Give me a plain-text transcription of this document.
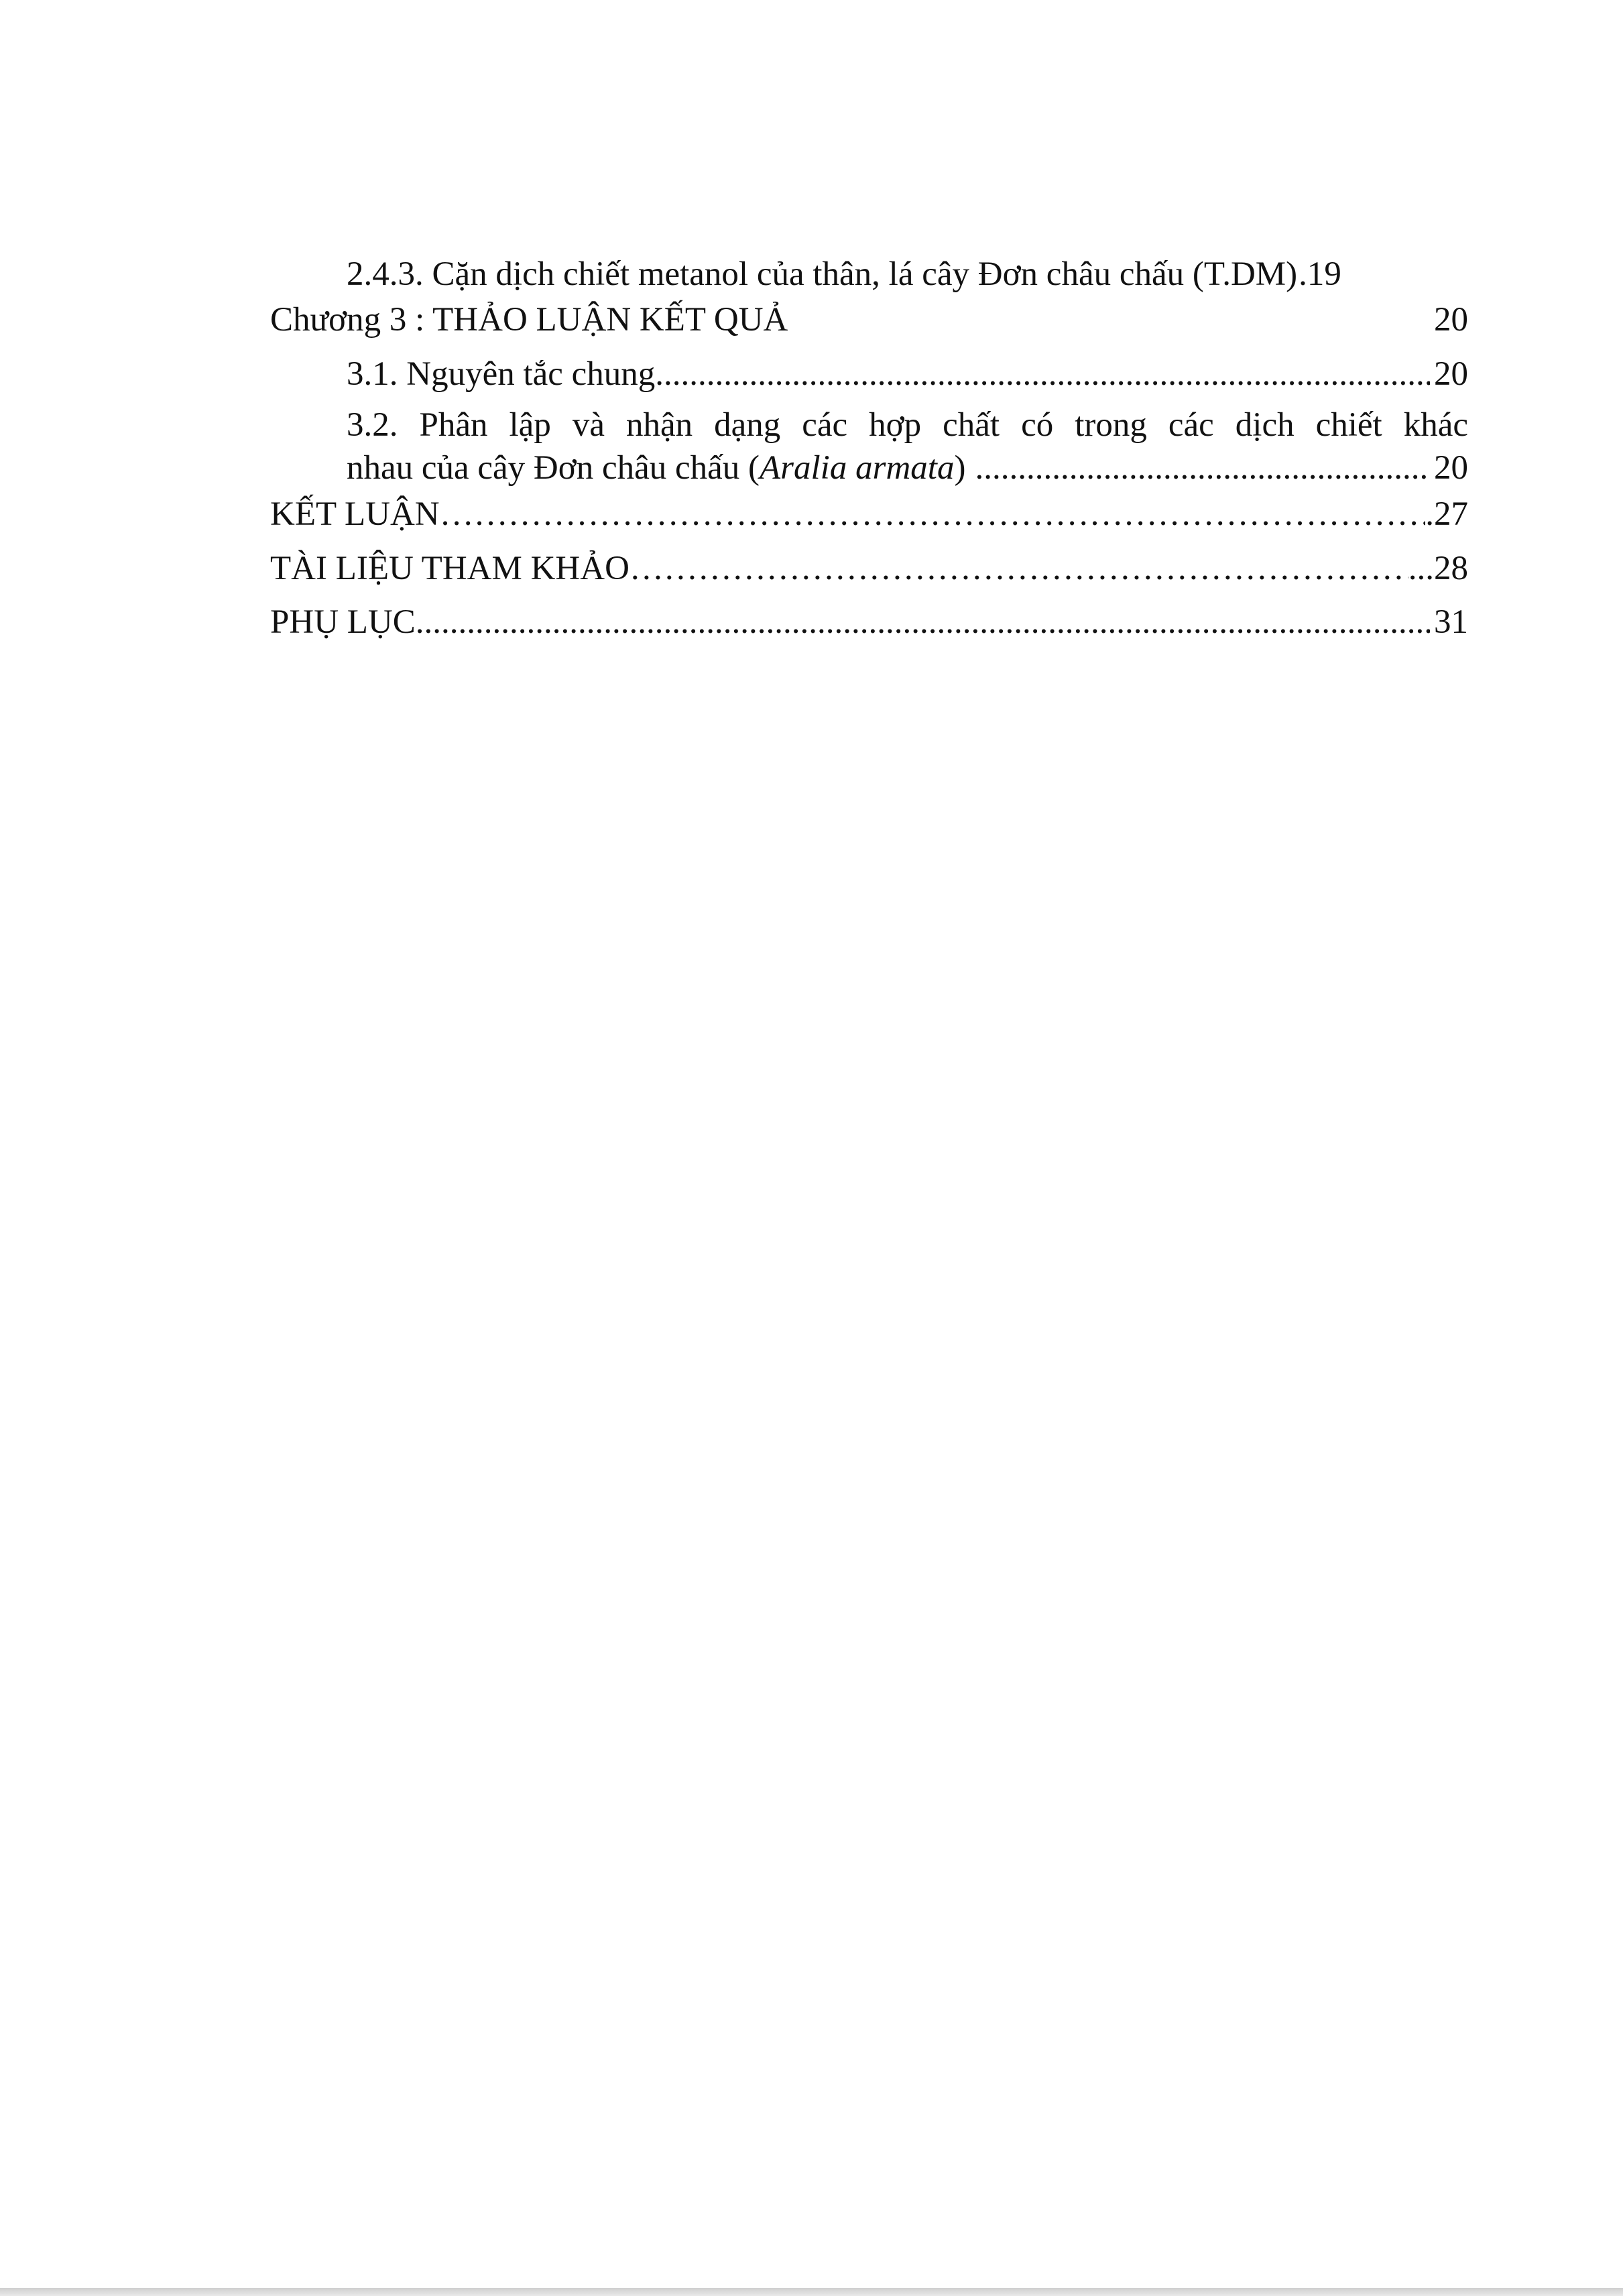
2.4.3. Cặn dịch chiết metanol của thân, lá cây Đơn châu chấu (T.DM) . 19
Chương 3 : THẢO LUẬN KẾT QUẢ	20
3.1. Nguyên tắc chung .....	20
3.2. Phân lập và nhận dạng các hợp chất có trong các dịch chiết khác
nhau của cây Đơn châu chấu (Aralia armata) .....	20
KẾT LUẬN ………………………………………………………………………………………………………………………………………………………………………………………………………………	. 27
TÀI LIỆU THAM KHẢO ………………………………………………………………………………………………………………………………………………………………………………………………………………	... 28
PHỤ LỤC .....	31
